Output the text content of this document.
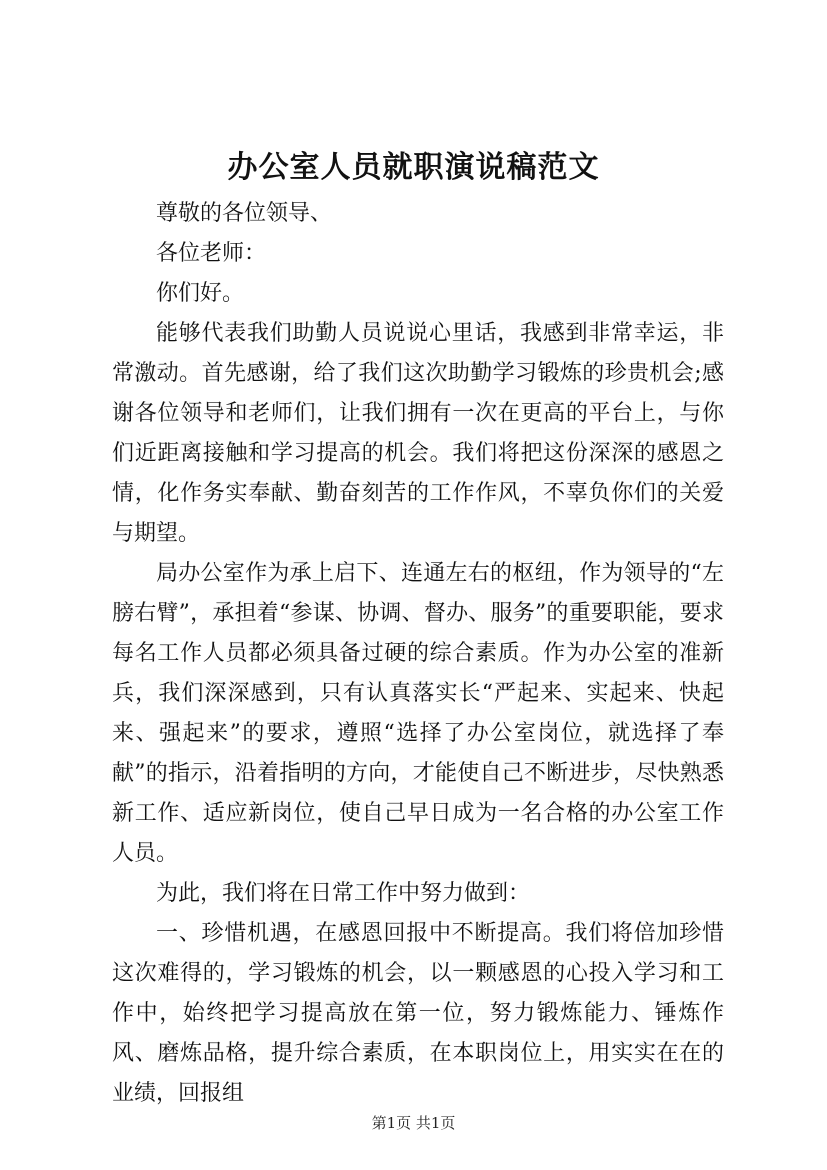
办公室人员就职演说稿范文

尊敬的各位领导、

各位老师：

你们好。

能够代表我们助勤人员说说心里话，我感到非常幸运，非常激动。首先感谢，给了我们这次助勤学习锻炼的珍贵机会;感谢各位领导和老师们，让我们拥有一次在更高的平台上，与你们近距离接触和学习提高的机会。我们将把这份深深的感恩之情，化作务实奉献、勤奋刻苦的工作作风，不辜负你们的关爱与期望。

局办公室作为承上启下、连通左右的枢纽，作为领导的“左膀右臂”，承担着“参谋、协调、督办、服务”的重要职能，要求每名工作人员都必须具备过硬的综合素质。作为办公室的准新兵，我们深深感到，只有认真落实长“严起来、实起来、快起来、强起来”的要求，遵照“选择了办公室岗位，就选择了奉献”的指示，沿着指明的方向，才能使自己不断进步，尽快熟悉新工作、适应新岗位，使自己早日成为一名合格的办公室工作人员。

为此，我们将在日常工作中努力做到：

一、珍惜机遇，在感恩回报中不断提高。我们将倍加珍惜这次难得的，学习锻炼的机会，以一颗感恩的心投入学习和工作中，始终把学习提高放在第一位，努力锻炼能力、锤炼作风、磨炼品格，提升综合素质，在本职岗位上，用实实在在的业绩，回报组

第1页 共1页
